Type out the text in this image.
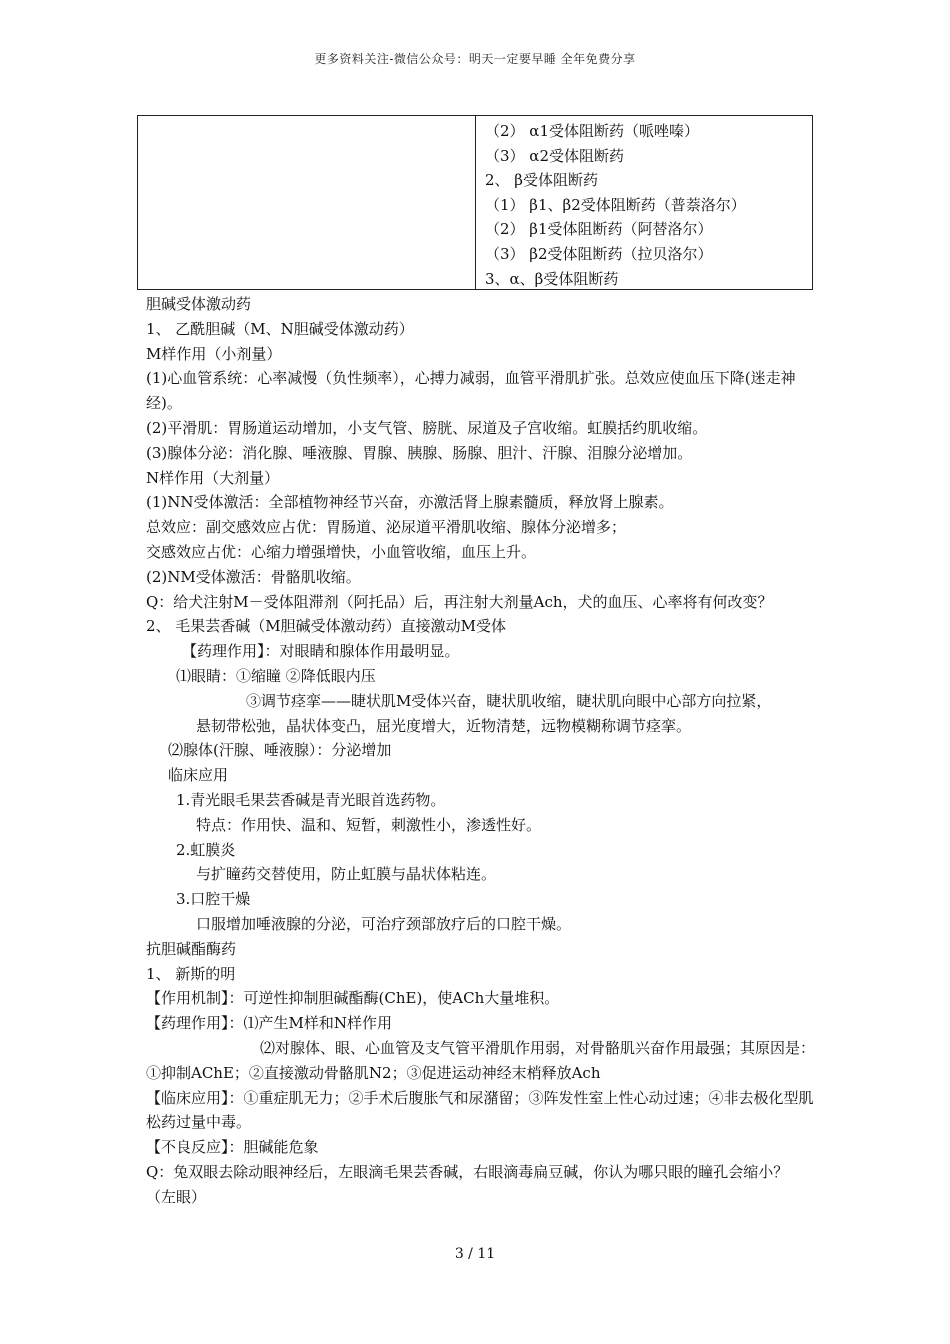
更多资料关注-微信公众号：明天一定要早睡 全年免费分享
（2） α1受体阻断药（哌唑嗪）
（3） α2受体阻断药
2、 β受体阻断药
（1） β1、β2受体阻断药（普萘洛尔）
（2） β1受体阻断药（阿替洛尔）
（3） β2受体阻断药（拉贝洛尔）
3、α、β受体阻断药
胆碱受体激动药
1、 乙酰胆碱（M、N胆碱受体激动药）
M样作用（小剂量）
(1)心血管系统：心率减慢（负性频率），心搏力减弱，血管平滑肌扩张。总效应使血压下降(迷走神经)。
(2)平滑肌：胃肠道运动增加，小支气管、膀胱、尿道及子宫收缩。虹膜括约肌收缩。
(3)腺体分泌：消化腺、唾液腺、胃腺、胰腺、肠腺、胆汁、汗腺、泪腺分泌增加。
N样作用（大剂量）
(1)NN受体激活：全部植物神经节兴奋，亦激活肾上腺素髓质，释放肾上腺素。
总效应：副交感效应占优：胃肠道、泌尿道平滑肌收缩、腺体分泌增多；
交感效应占优：心缩力增强增快，小血管收缩，血压上升。
(2)NM受体激活：骨骼肌收缩。
Q：给犬注射M－受体阻滞剂（阿托品）后，再注射大剂量Ach，犬的血压、心率将有何改变？
2、 毛果芸香碱（M胆碱受体激动药）直接激动M受体
【药理作用】：对眼睛和腺体作用最明显。
⑴眼睛：①缩瞳 ②降低眼内压
③调节痉挛——睫状肌M受体兴奋，睫状肌收缩，睫状肌向眼中心部方向拉紧，
悬韧带松弛，晶状体变凸，屈光度增大，近物清楚，远物模糊称调节痉挛。
⑵腺体(汗腺、唾液腺）：分泌增加
临床应用
1.青光眼毛果芸香碱是青光眼首选药物。
特点：作用快、温和、短暂，刺激性小，渗透性好。
2.虹膜炎
与扩瞳药交替使用，防止虹膜与晶状体粘连。
3.口腔干燥
口服增加唾液腺的分泌，可治疗颈部放疗后的口腔干燥。
抗胆碱酯酶药
1、 新斯的明
【作用机制】：可逆性抑制胆碱酯酶(ChE)，使ACh大量堆积。
【药理作用】：⑴产生M样和N样作用
⑵对腺体、眼、心血管及支气管平滑肌作用弱，对骨骼肌兴奋作用最强；其原因是：①抑制AChE；②直接激动骨骼肌N2；③促进运动神经末梢释放Ach
【临床应用】：①重症肌无力；②手术后腹胀气和尿潴留；③阵发性室上性心动过速；④非去极化型肌松药过量中毒。
【不良反应】：胆碱能危象
Q：兔双眼去除动眼神经后，左眼滴毛果芸香碱，右眼滴毒扁豆碱，你认为哪只眼的瞳孔会缩小？（左眼）
3 / 11
